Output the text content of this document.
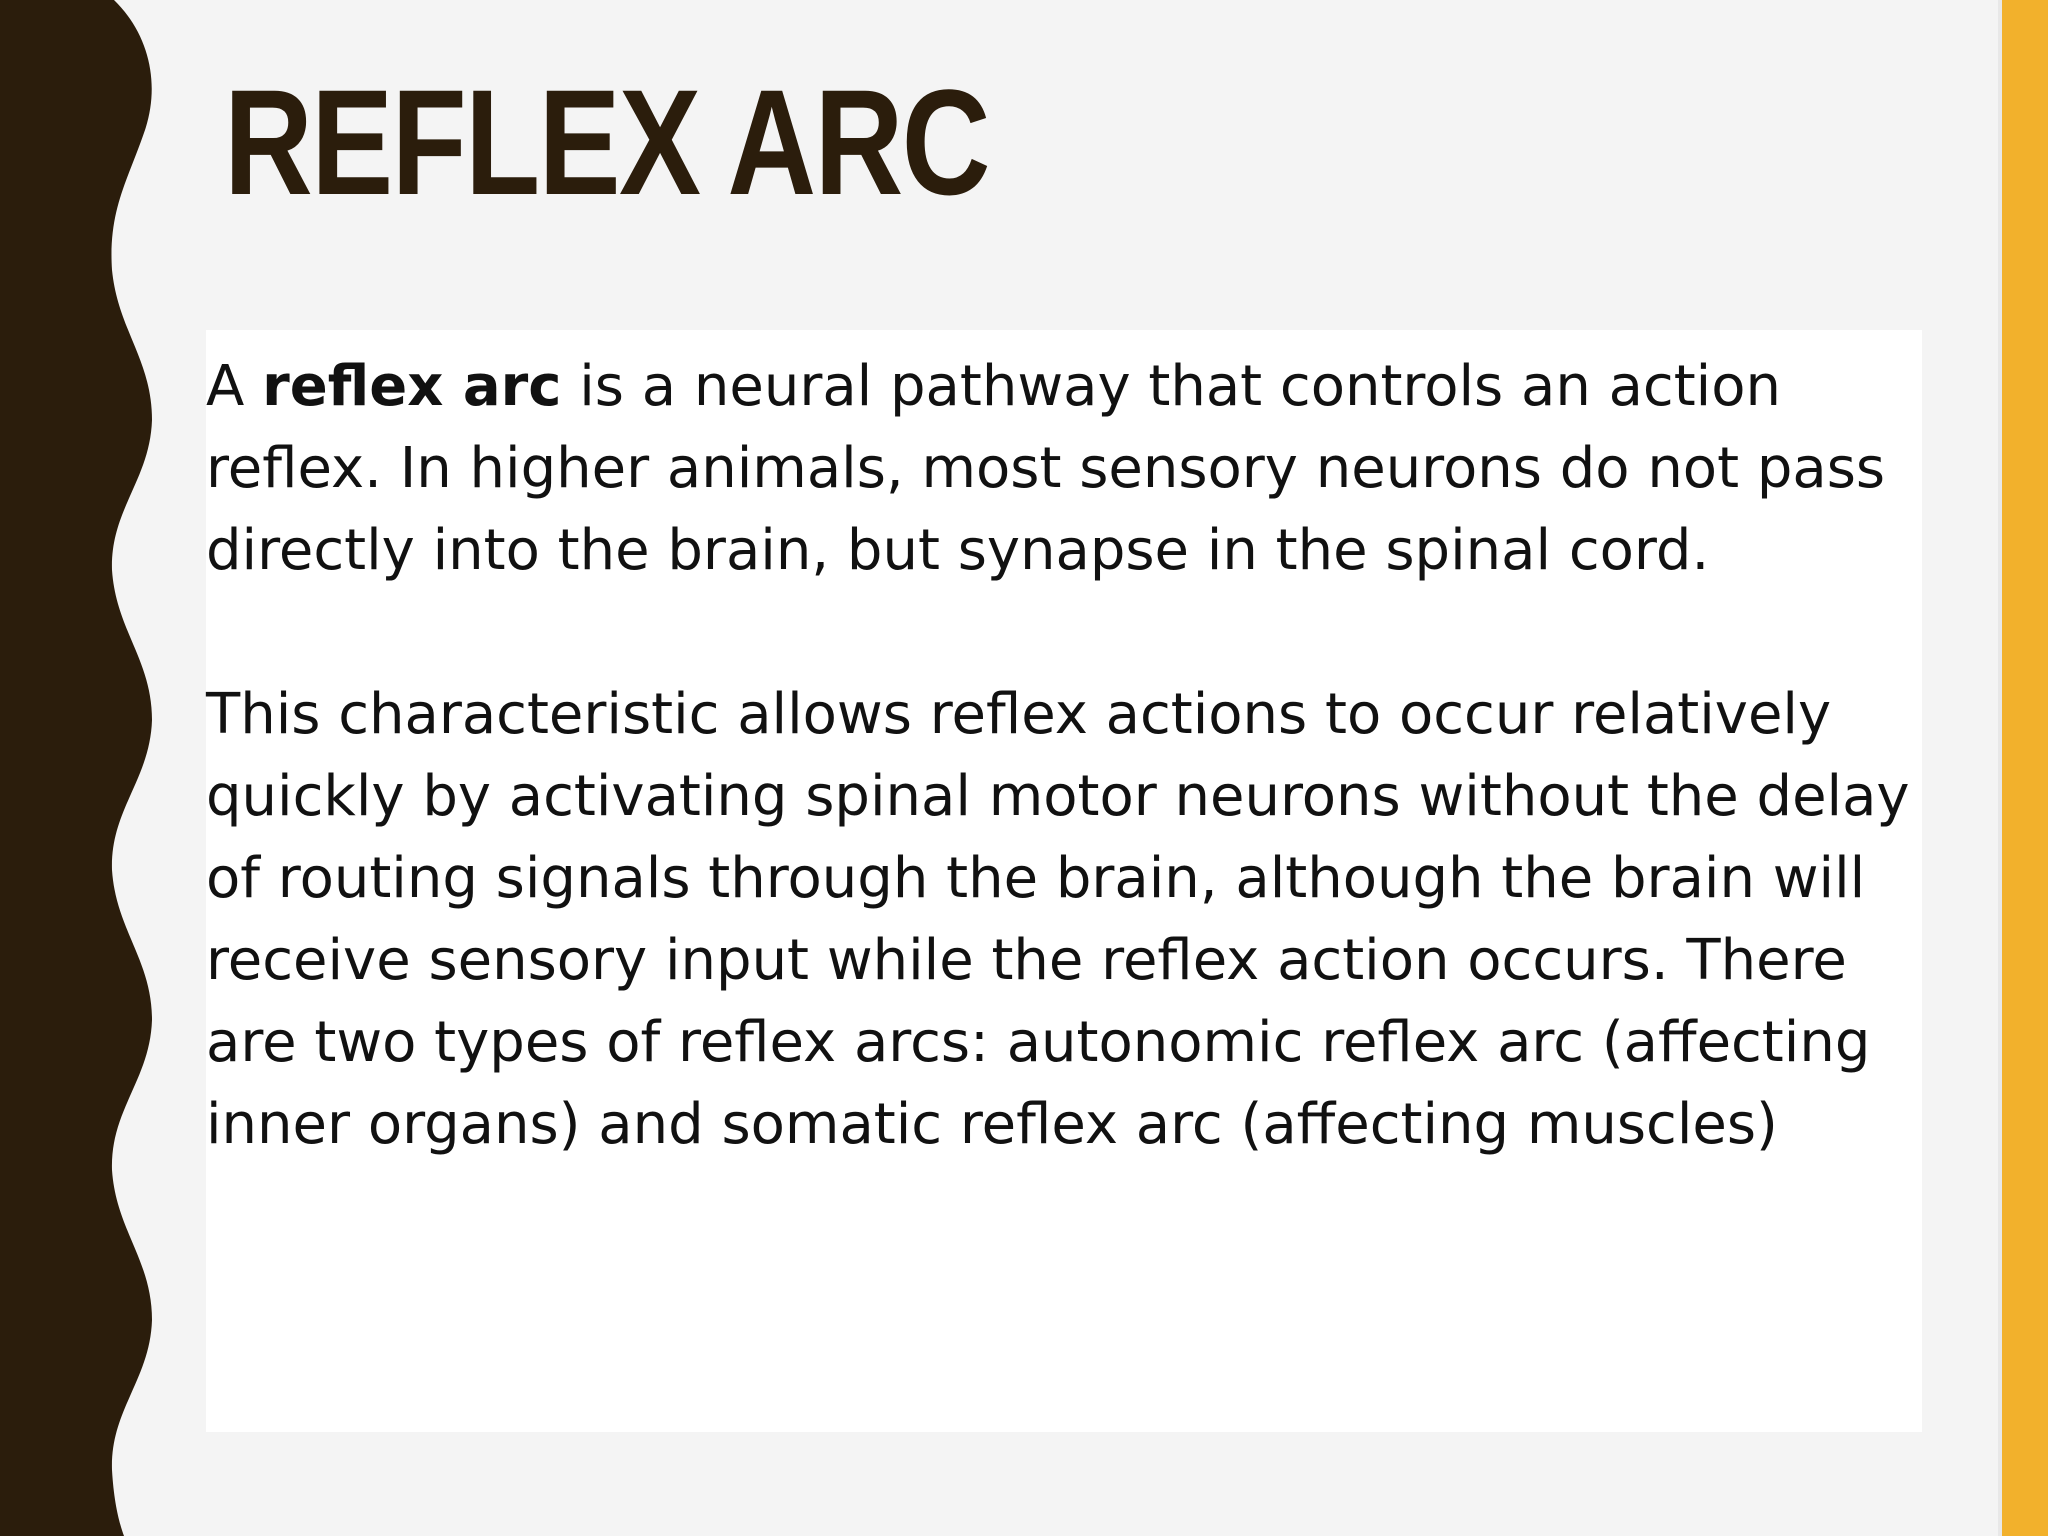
REFLEX ARC

A reflex arc is a neural pathway that controls an action reflex. In higher animals, most sensory neurons do not pass directly into the brain, but synapse in the spinal cord.

This characteristic allows reflex actions to occur relatively quickly by activating spinal motor neurons without the delay of routing signals through the brain, although the brain will receive sensory input while the reflex action occurs. There are two types of reflex arcs: autonomic reflex arc (affecting inner organs) and somatic reflex arc (affecting muscles)
